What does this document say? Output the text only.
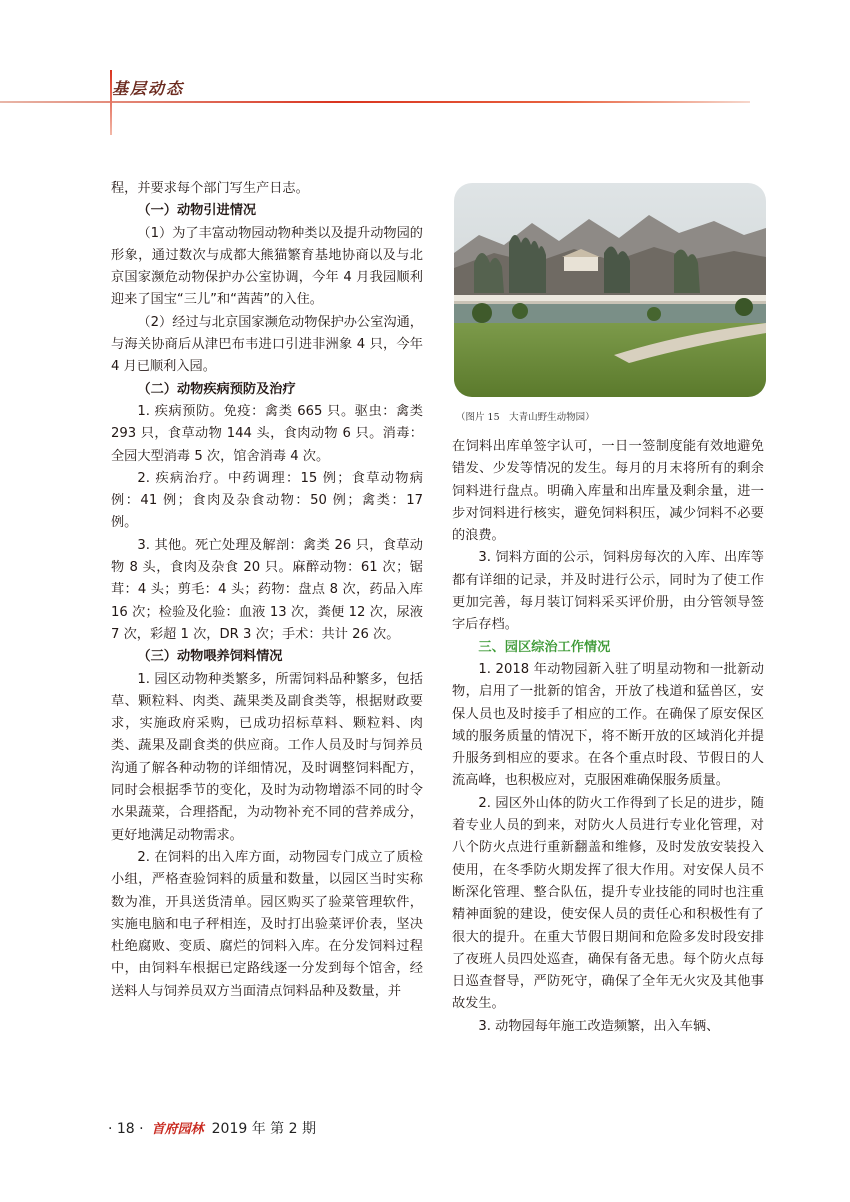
基层动态

程，并要求每个部门写生产日志。

（一）动物引进情况

（1）为了丰富动物园动物种类以及提升动物园的形象，通过数次与成都大熊猫繁育基地协商以及与北京国家濒危动物保护办公室协调，今年 4 月我园顺利迎来了国宝“三儿”和“茜茜”的入住。

（2）经过与北京国家濒危动物保护办公室沟通，与海关协商后从津巴布韦进口引进非洲象 4 只，今年 4 月已顺利入园。

（二）动物疾病预防及治疗

1. 疾病预防。免疫：禽类 665 只。驱虫：禽类 293 只，食草动物 144 头，食肉动物 6 只。消毒：全园大型消毒 5 次，馆舍消毒 4 次。

2. 疾病治疗。中药调理：15 例；食草动物病例：41 例；食肉及杂食动物：50 例；禽类：17 例。

3. 其他。死亡处理及解剖：禽类 26 只，食草动物 8 头，食肉及杂食 20 只。麻醉动物：61 次；锯茸：4 头；剪毛：4 头；药物：盘点 8 次，药品入库 16 次；检验及化验：血液 13 次，粪便 12 次，尿液 7 次，彩超 1 次，DR 3 次；手术：共计 26 次。

（三）动物喂养饲料情况

1. 园区动物种类繁多，所需饲料品种繁多，包括草、颗粒料、肉类、蔬果类及副食类等，根据财政要求，实施政府采购，已成功招标草料、颗粒料、肉类、蔬果及副食类的供应商。工作人员及时与饲养员沟通了解各种动物的详细情况，及时调整饲料配方，同时会根据季节的变化，及时为动物增添不同的时令水果蔬菜，合理搭配，为动物补充不同的营养成分，更好地满足动物需求。

2. 在饲料的出入库方面，动物园专门成立了质检小组，严格查验饲料的质量和数量，以园区当时实称数为准，开具送货清单。园区购买了验菜管理软件，实施电脑和电子秤相连，及时打出验菜评价表，坚决杜绝腐败、变质、腐烂的饲料入库。在分发饲料过程中，由饲料车根据已定路线逐一分发到每个馆舍，经送料人与饲养员双方当面清点饲料品种及数量，并

（图片 15　大青山野生动物园）

在饲料出库单签字认可，一日一签制度能有效地避免错发、少发等情况的发生。每月的月末将所有的剩余饲料进行盘点。明确入库量和出库量及剩余量，进一步对饲料进行核实，避免饲料积压，减少饲料不必要的浪费。

3. 饲料方面的公示，饲料房每次的入库、出库等都有详细的记录，并及时进行公示，同时为了使工作更加完善，每月装订饲料采买评价册，由分管领导签字后存档。

三、园区综治工作情况

1. 2018 年动物园新入驻了明星动物和一批新动物，启用了一批新的馆舍，开放了栈道和猛兽区，安保人员也及时接手了相应的工作。在确保了原安保区域的服务质量的情况下，将不断开放的区域消化并提升服务到相应的要求。在各个重点时段、节假日的人流高峰，也积极应对，克服困难确保服务质量。

2. 园区外山体的防火工作得到了长足的进步，随着专业人员的到来，对防火人员进行专业化管理，对八个防火点进行重新翻盖和维修，及时发放安装投入使用，在冬季防火期发挥了很大作用。对安保人员不断深化管理、整合队伍，提升专业技能的同时也注重精神面貌的建设，使安保人员的责任心和积极性有了很大的提升。在重大节假日期间和危险多发时段安排了夜班人员四处巡查，确保有备无患。每个防火点每日巡查督导，严防死守，确保了全年无火灾及其他事故发生。

3. 动物园每年施工改造频繁，出入车辆、

· 18 · 首府园林 2019 年 第 2 期
